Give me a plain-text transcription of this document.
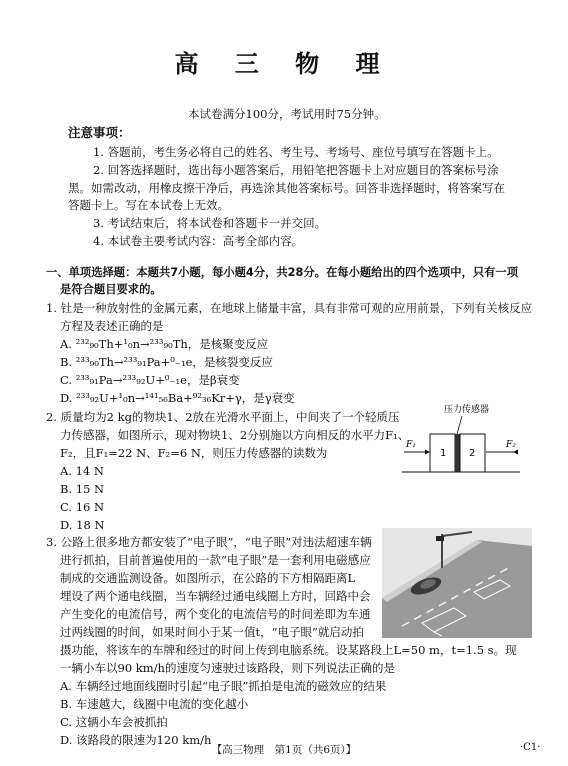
高 三 物 理
本试卷满分100分，考试用时75分钟。
注意事项：
1. 答题前，考生务必将自己的姓名、考生号、考场号、座位号填写在答题卡上。
2. 回答选择题时，选出每小题答案后，用铅笔把答题卡上对应题目的答案标号涂
黑。如需改动，用橡皮擦干净后，再选涂其他答案标号。回答非选择题时，将答案写在
答题卡上。写在本试卷上无效。
3. 考试结束后，将本试卷和答题卡一并交回。
4. 本试卷主要考试内容：高考全部内容。
一、单项选择题：本题共7小题，每小题4分，共28分。在每小题给出的四个选项中，只有一项
是符合题目要求的。
1. 钍是一种放射性的金属元素，在地球上储量丰富，具有非常可观的应用前景，下列有关核反应
方程及表述正确的是
A. ²³²₉₀Th+¹₀n→²³³₉₀Th，是核聚变反应
B. ²³³₉₀Th→²³³₉₁Pa+⁰₋₁e，是核裂变反应
C. ²³³₉₁Pa→²³³₉₂U+⁰₋₁e，是β衰变
D. ²³³₉₂U+¹₀n→¹⁴¹₅₆Ba+⁹²₃₆Kr+γ，是γ衰变
2. 质量均为2 kg的物块1、2放在光滑水平面上，中间夹了一个轻质压
力传感器，如图所示，现对物块1、2分别施以方向相反的水平力F₁、
F₂，且F₁=22 N、F₂=6 N，则压力传感器的读数为
A. 14 N
B. 15 N
C. 16 N
D. 18 N
压力传感器
1 2
F₁	F₂
3. 公路上很多地方都安装了“电子眼”，“电子眼”对违法超速车辆
进行抓拍，目前普遍使用的一款“电子眼”是一套利用电磁感应
制成的交通监测设备。如图所示，在公路的下方相隔距离L
埋设了两个通电线圈，当车辆经过通电线圈上方时，回路中会
产生变化的电流信号，两个变化的电流信号的时间差即为车通
过两线圈的时间，如果时间小于某一值t，“电子眼”就启动拍
摄功能，将该车的车牌和经过的时间上传到电脑系统。设某路段上L=50 m，t=1.5 s。现
一辆小车以90 km/h的速度匀速驶过该路段，则下列说法正确的是
A. 车辆经过地面线圈时引起“电子眼”抓拍是电流的磁效应的结果
B. 车速越大，线圈中电流的变化越小
C. 这辆小车会被抓拍
D. 该路段的限速为120 km/h
【高三物理　第1页（共6页）】	·C1·
